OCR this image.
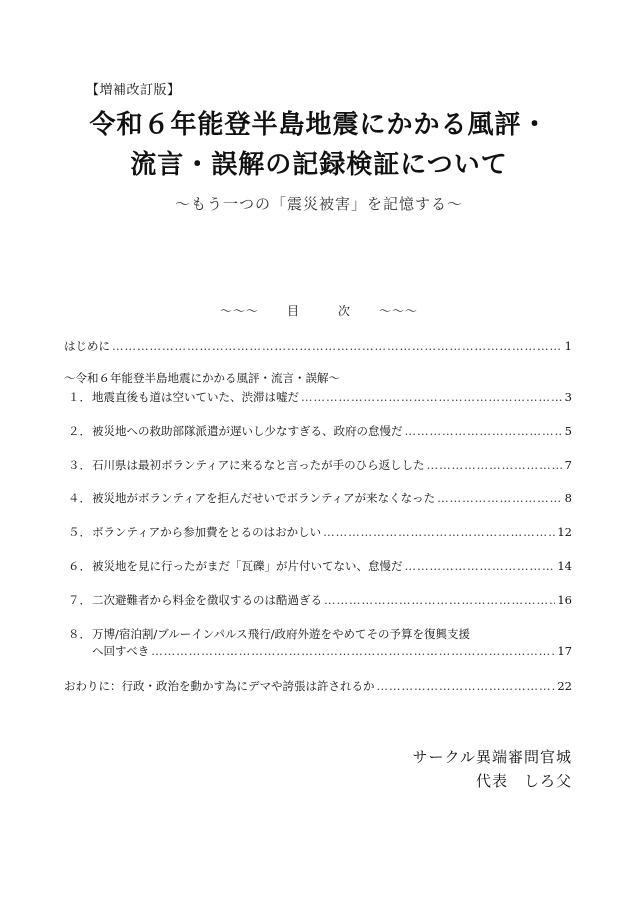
【増補改訂版】
令和６年能登半島地震にかかる風評・
流言・誤解の記録検証について
～もう一つの「震災被害」を記憶する～
～～～ 目	次 ～～～
はじめに ………………………………………………………………………………………………………………………………………………………………	1
～令和６年能登半島地震にかかる風評・流言・誤解～
１． 地震直後も道は空いていた、渋滞は嘘だ ………………………………………………………………………………………………………………………………………………………………	3
２． 被災地への救助部隊派遣が遅いし少なすぎる、政府の怠慢だ ………………………………………………………………………………………………………………………………………………………………	5
３． 石川県は最初ボランティアに来るなと言ったが手のひら返しした ………………………………………………………………………………………………………………………………………………………………	7
４． 被災地がボランティアを拒んだせいでボランティアが来なくなった ………………………………………………………………………………………………………………………………………………………………	8
５． ボランティアから参加費をとるのはおかしい ………………………………………………………………………………………………………………………………………………………………	12
６． 被災地を見に行ったがまだ「瓦礫」が片付いてない、怠慢だ ………………………………………………………………………………………………………………………………………………………………	14
７． 二次避難者から料金を徴収するのは酷過ぎる ………………………………………………………………………………………………………………………………………………………………	16
８． 万博/宿泊割/ブルーインパルス飛行/政府外遊をやめてその予算を復興支援
へ回すべき ………………………………………………………………………………………………………………………………………………………………	17
おわりに：行政・政治を動かす為にデマや誇張は許されるか ………………………………………………………………………………………………………………………………………………………………	22
サークル異端審問官城
代表　しろ父
